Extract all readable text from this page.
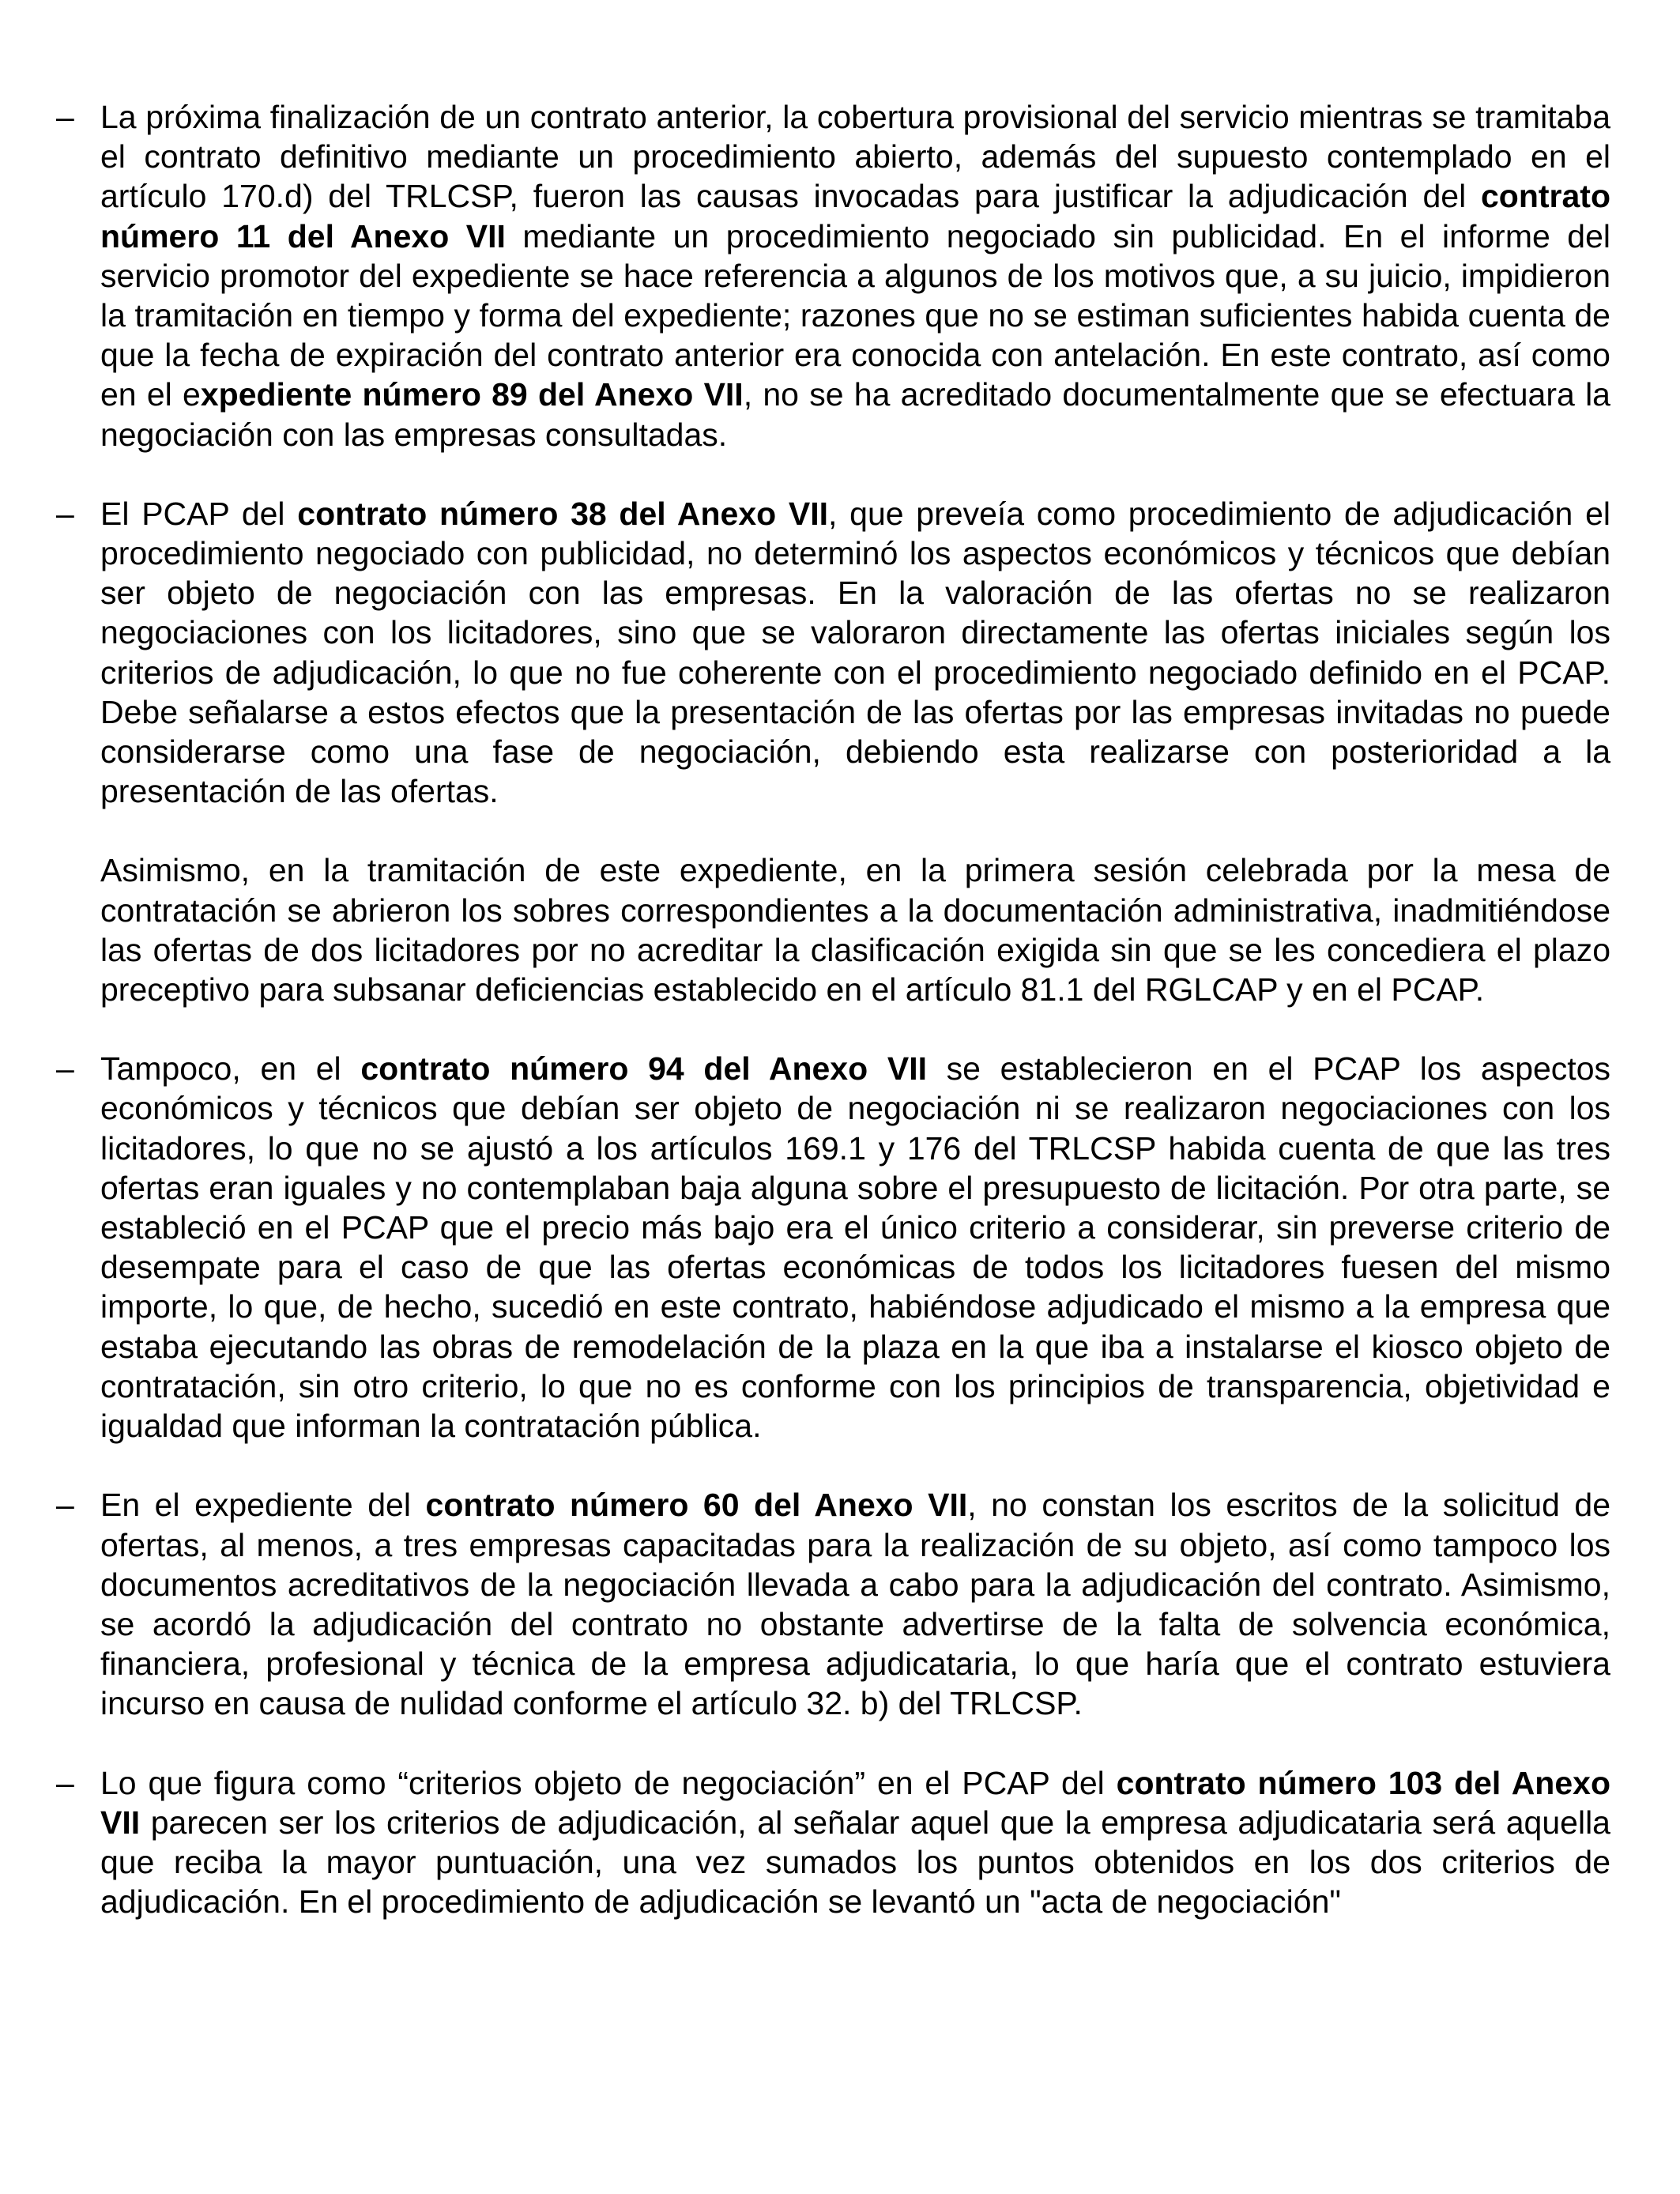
– La próxima finalización de un contrato anterior, la cobertura provisional del servicio mientras se tramitaba el contrato definitivo mediante un procedimiento abierto, además del supuesto contemplado en el artículo 170.d) del TRLCSP, fueron las causas invocadas para justificar la adjudicación del contrato número 11 del Anexo VII mediante un procedimiento negociado sin publicidad. En el informe del servicio promotor del expediente se hace referencia a algunos de los motivos que, a su juicio, impidieron la tramitación en tiempo y forma del expediente; razones que no se estiman suficientes habida cuenta de que la fecha de expiración del contrato anterior era conocida con antelación. En este contrato, así como en el expediente número 89 del Anexo VII, no se ha acreditado documentalmente que se efectuara la negociación con las empresas consultadas.

– El PCAP del contrato número 38 del Anexo VII, que preveía como procedimiento de adjudicación el procedimiento negociado con publicidad, no determinó los aspectos económicos y técnicos que debían ser objeto de negociación con las empresas. En la valoración de las ofertas no se realizaron negociaciones con los licitadores, sino que se valoraron directamente las ofertas iniciales según los criterios de adjudicación, lo que no fue coherente con el procedimiento negociado definido en el PCAP. Debe señalarse a estos efectos que la presentación de las ofertas por las empresas invitadas no puede considerarse como una fase de negociación, debiendo esta realizarse con posterioridad a la presentación de las ofertas.

Asimismo, en la tramitación de este expediente, en la primera sesión celebrada por la mesa de contratación se abrieron los sobres correspondientes a la documentación administrativa, inadmitiéndose las ofertas de dos licitadores por no acreditar la clasificación exigida sin que se les concediera el plazo preceptivo para subsanar deficiencias establecido en el artículo 81.1 del RGLCAP y en el PCAP.

– Tampoco, en el contrato número 94 del Anexo VII se establecieron en el PCAP los aspectos económicos y técnicos que debían ser objeto de negociación ni se realizaron negociaciones con los licitadores, lo que no se ajustó a los artículos 169.1 y 176 del TRLCSP habida cuenta de que las tres ofertas eran iguales y no contemplaban baja alguna sobre el presupuesto de licitación. Por otra parte, se estableció en el PCAP que el precio más bajo era el único criterio a considerar, sin preverse criterio de desempate para el caso de que las ofertas económicas de todos los licitadores fuesen del mismo importe, lo que, de hecho, sucedió en este contrato, habiéndose adjudicado el mismo a la empresa que estaba ejecutando las obras de remodelación de la plaza en la que iba a instalarse el kiosco objeto de contratación, sin otro criterio, lo que no es conforme con los principios de transparencia, objetividad e igualdad que informan la contratación pública.

– En el expediente del contrato número 60 del Anexo VII, no constan los escritos de la solicitud de ofertas, al menos, a tres empresas capacitadas para la realización de su objeto, así como tampoco los documentos acreditativos de la negociación llevada a cabo para la adjudicación del contrato. Asimismo, se acordó la adjudicación del contrato no obstante advertirse de la falta de solvencia económica, financiera, profesional y técnica de la empresa adjudicataria, lo que haría que el contrato estuviera incurso en causa de nulidad conforme el artículo 32. b) del TRLCSP.

– Lo que figura como “criterios objeto de negociación” en el PCAP del contrato número 103 del Anexo VII parecen ser los criterios de adjudicación, al señalar aquel que la empresa adjudicataria será aquella que reciba la mayor puntuación, una vez sumados los puntos obtenidos en los dos criterios de adjudicación. En el procedimiento de adjudicación se levantó un "acta de negociación"
